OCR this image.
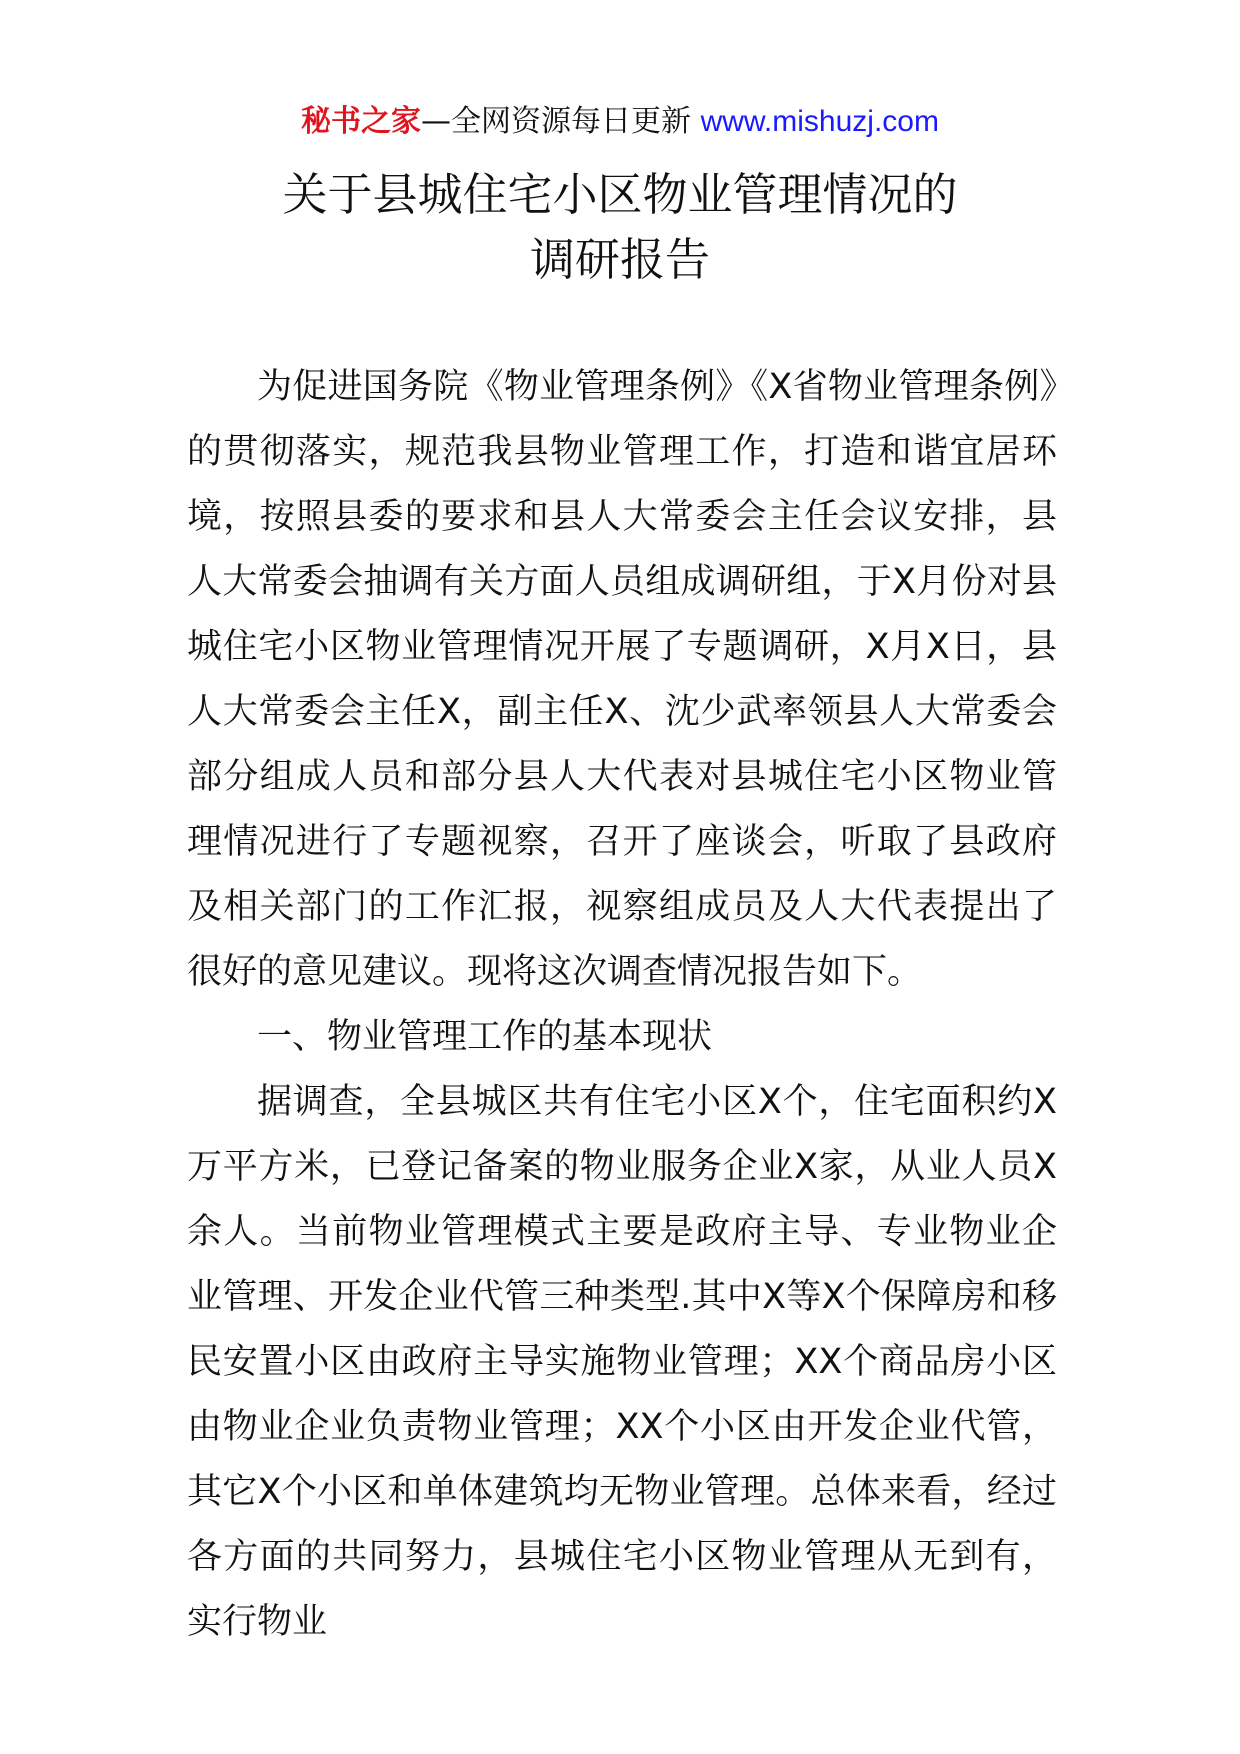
秘书之家—全网资源每日更新 www.mishuzj.com
关于县城住宅小区物业管理情况的
调研报告

为促进国务院《物业管理条例》《X省物业管理条例》的贯彻落实，规范我县物业管理工作，打造和谐宜居环境，按照县委的要求和县人大常委会主任会议安排，县人大常委会抽调有关方面人员组成调研组，于X月份对县城住宅小区物业管理情况开展了专题调研，X月X日，县人大常委会主任X，副主任X、沈少武率领县人大常委会部分组成人员和部分县人大代表对县城住宅小区物业管理情况进行了专题视察，召开了座谈会，听取了县政府及相关部门的工作汇报，视察组成员及人大代表提出了很好的意见建议。现将这次调查情况报告如下。

一、物业管理工作的基本现状

据调查，全县城区共有住宅小区X个，住宅面积约X万平方米，已登记备案的物业服务企业X家，从业人员X余人。当前物业管理模式主要是政府主导、专业物业企业管理、开发企业代管三种类型.其中X等X个保障房和移民安置小区由政府主导实施物业管理；XX个商品房小区由物业企业负责物业管理；XX个小区由开发企业代管，其它X个小区和单体建筑均无物业管理。总体来看，经过各方面的共同努力，县城住宅小区物业管理从无到有，实行物业
